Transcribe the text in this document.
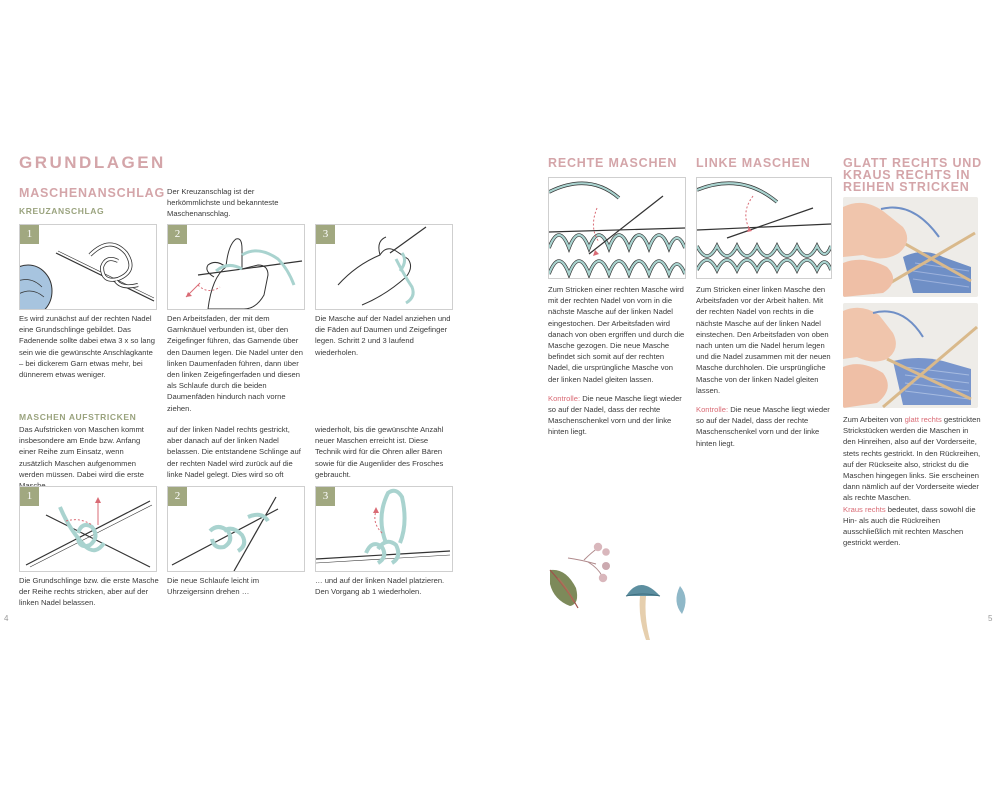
GRUNDLAGEN
MASCHENANSCHLAG
KREUZANSCHLAG
Der Kreuzanschlag ist der herkömmlichste und bekannteste Maschenanschlag.
1	2	3
Es wird zunächst auf der rechten Nadel eine Grundschlinge gebildet. Das Fadenende sollte dabei etwa 3 x so lang sein wie die gewünschte Anschlagkante – bei dickerem Garn etwas mehr, bei dünnerem etwas weniger.
Den Arbeitsfaden, der mit dem Garnknäuel verbunden ist, über den Zeigefinger führen, das Garnende über den Daumen legen. Die Nadel unter den linken Daumenfaden führen, dann über den linken Zeigefingerfaden und diesen als Schlaufe durch die beiden Daumenfäden hindurch nach vorne ziehen.
Die Masche auf der Nadel anziehen und die Fäden auf Daumen und Zeigefinger legen. Schritt 2 und 3 laufend wiederholen.
MASCHEN AUFSTRICKEN
Das Aufstricken von Maschen kommt insbesondere am Ende bzw. Anfang einer Reihe zum Einsatz, wenn zusätzlich Maschen aufgenommen werden müssen. Dabei wird die erste
auf der linken Nadel rechts gestrickt, aber danach auf der linken Nadel belassen. Die entstandene Schlinge auf der rechten Nadel wird zurück auf die linke Nadel gelegt. Dies wird so oft
wiederholt, bis die gewünschte Anzahl neuer Maschen erreicht ist. Diese Technik wird für die Ohren aller Bären sowie für die Augenlider des Frosches gebraucht.
1	2	3
Die Grundschlinge bzw. die erste Masche der Reihe rechts stricken, aber auf der linken Nadel belassen.
Die neue Schlaufe leicht im Uhrzeigersinn drehen …
… und auf der linken Nadel platzieren. Den Vorgang ab 1 wiederholen.
4
RECHTE MASCHEN LINKE MASCHEN	GLATT RECHTS UND KRAUS RECHTS IN REIHEN STRICKEN
Zum Stricken einer rechten Masche wird mit der rechten Nadel von vorn in die nächste Masche auf der linken Nadel eingestochen. Der Arbeitsfaden wird danach von oben ergriffen und durch die Masche gezogen. Die neue Masche befindet sich somit auf der rechten Nadel, die ursprüngliche Masche von der linken Nadel gleiten lassen.
Kontrolle: Die neue Masche liegt wieder so auf der Nadel, dass der rechte Maschenschenkel vorn und der linke hinten liegt.
Zum Stricken einer linken Masche den Arbeitsfaden vor der Arbeit halten. Mit der rechten Nadel von rechts in die nächste Masche auf der linken Nadel einstechen. Den Arbeitsfaden von oben nach unten um die Nadel herum legen und die Nadel zusammen mit der neuen Masche durchholen. Die ursprüngliche Masche von der linken Nadel gleiten lassen.
Kontrolle: Die neue Masche liegt wieder so auf der Nadel, dass der rechte Maschenschenkel vorn und der linke hinten liegt.
Zum Arbeiten von glatt rechts gestrickten Strickstücken werden die Maschen in den Hinreihen, also auf der Vorderseite, stets rechts gestrickt. In den Rückreihen, auf der Rückseite also, strickst du die Maschen hingegen links. Sie erscheinen dann nämlich auf der Vorderseite wieder als rechte Maschen.
Kraus rechts bedeutet, dass sowohl die Hin- als auch die Rückreihen ausschließlich mit rechten Maschen gestrickt werden.
5
